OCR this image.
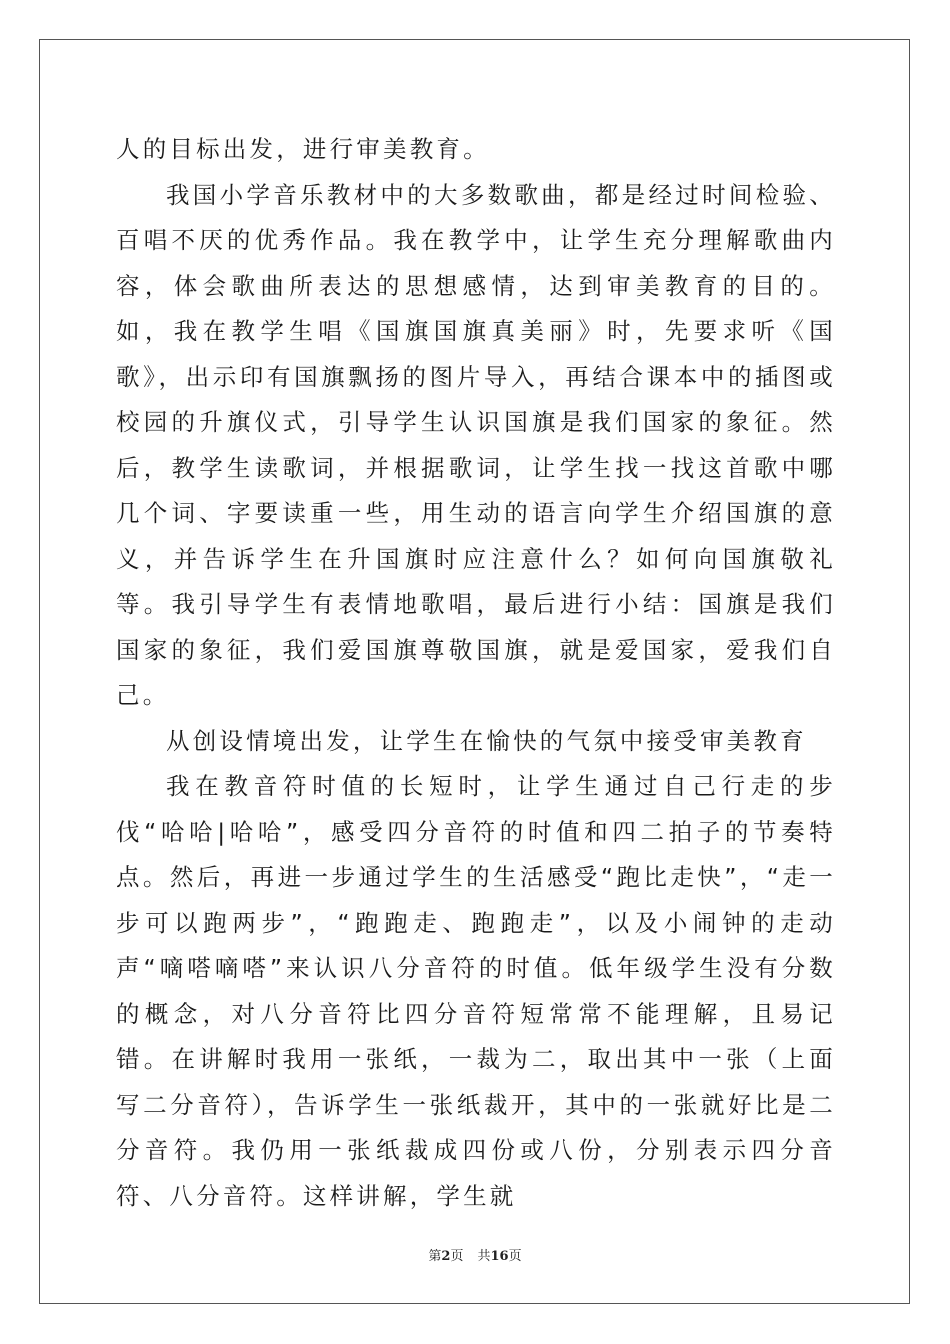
人的目标出发，进行审美教育。

我国小学音乐教材中的大多数歌曲，都是经过时间检验、百唱不厌的优秀作品。我在教学中，让学生充分理解歌曲内容，体会歌曲所表达的思想感情，达到审美教育的目的。如，我在教学生唱《国旗国旗真美丽》时，先要求听《国歌》，出示印有国旗飘扬的图片导入，再结合课本中的插图或校园的升旗仪式，引导学生认识国旗是我们国家的象征。然后，教学生读歌词，并根据歌词，让学生找一找这首歌中哪几个词、字要读重一些，用生动的语言向学生介绍国旗的意义，并告诉学生在升国旗时应注意什么？如何向国旗敬礼等。我引导学生有表情地歌唱，最后进行小结：国旗是我们国家的象征，我们爱国旗尊敬国旗，就是爱国家，爱我们自己。

从创设情境出发，让学生在愉快的气氛中接受审美教育

我在教音符时值的长短时，让学生通过自己行走的步伐“哈哈|哈哈”，感受四分音符的时值和四二拍子的节奏特点。然后，再进一步通过学生的生活感受“跑比走快”，“走一步可以跑两步”，“跑跑走、跑跑走”，以及小闹钟的走动声“嘀嗒嘀嗒”来认识八分音符的时值。低年级学生没有分数的概念，对八分音符比四分音符短常常不能理解，且易记错。在讲解时我用一张纸，一裁为二，取出其中一张（上面写二分音符），告诉学生一张纸裁开，其中的一张就好比是二分音符。我仍用一张纸裁成四份或八份，分别表示四分音符、八分音符。这样讲解，学生就

第2页 共16页
